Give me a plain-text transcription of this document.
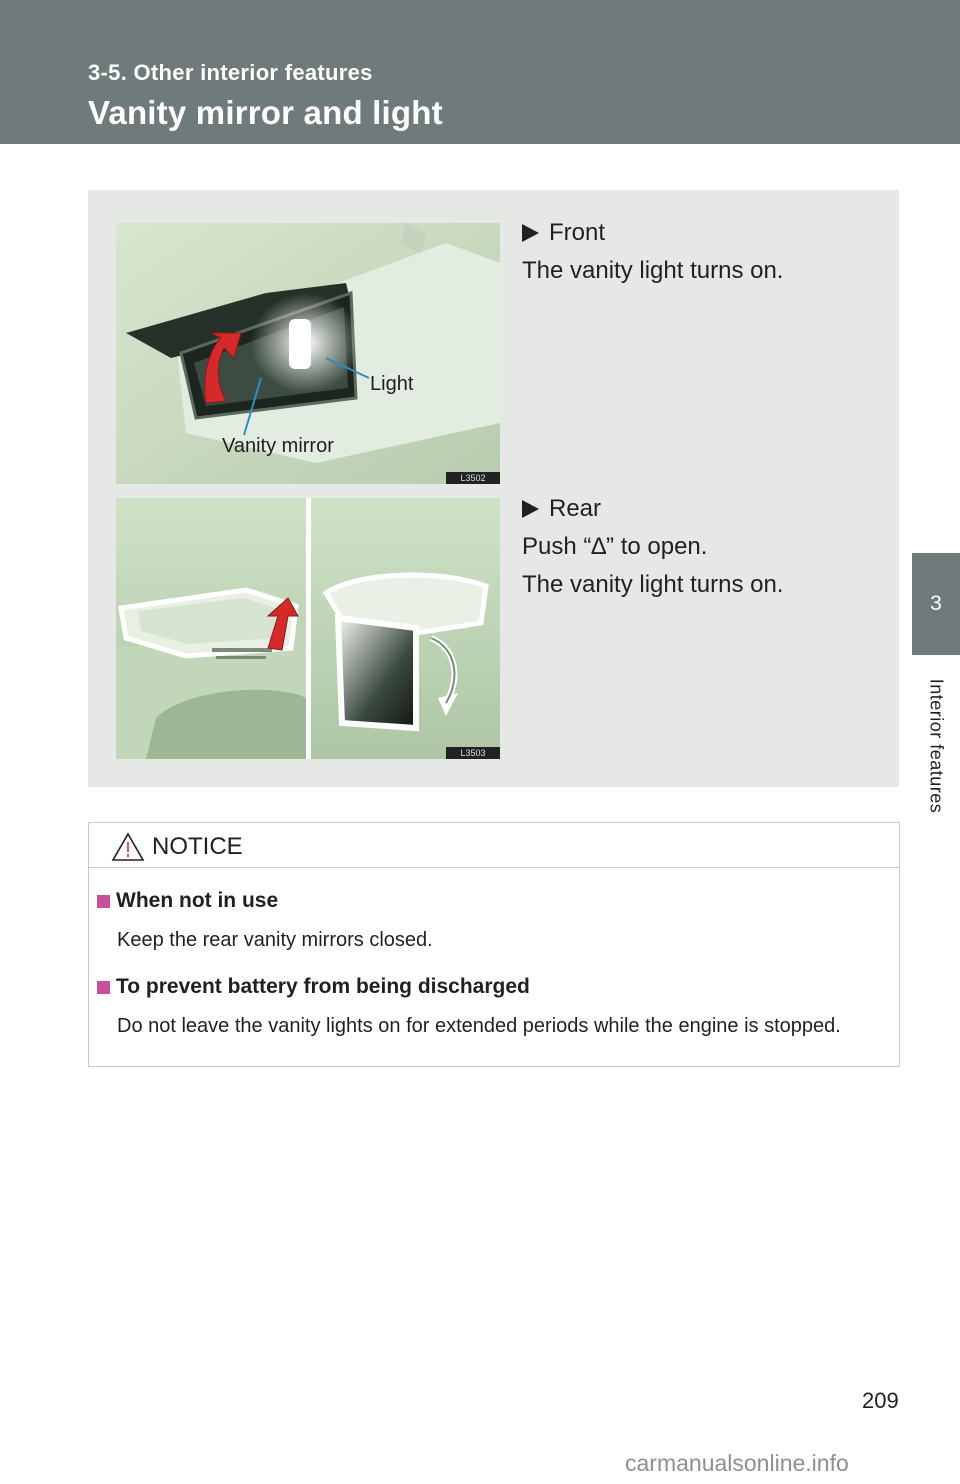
3-5. Other interior features
Vanity mirror and light
3
Interior features
Light
Vanity mirror
L3502
L3503
Front
The vanity light turns on.
Rear
Push “∆” to open.
The vanity light turns on.
NOTICE
When not in use
Keep the rear vanity mirrors closed.
To prevent battery from being discharged
Do not leave the vanity lights on for extended periods while the engine is stopped.
209
carmanualsonline.info
